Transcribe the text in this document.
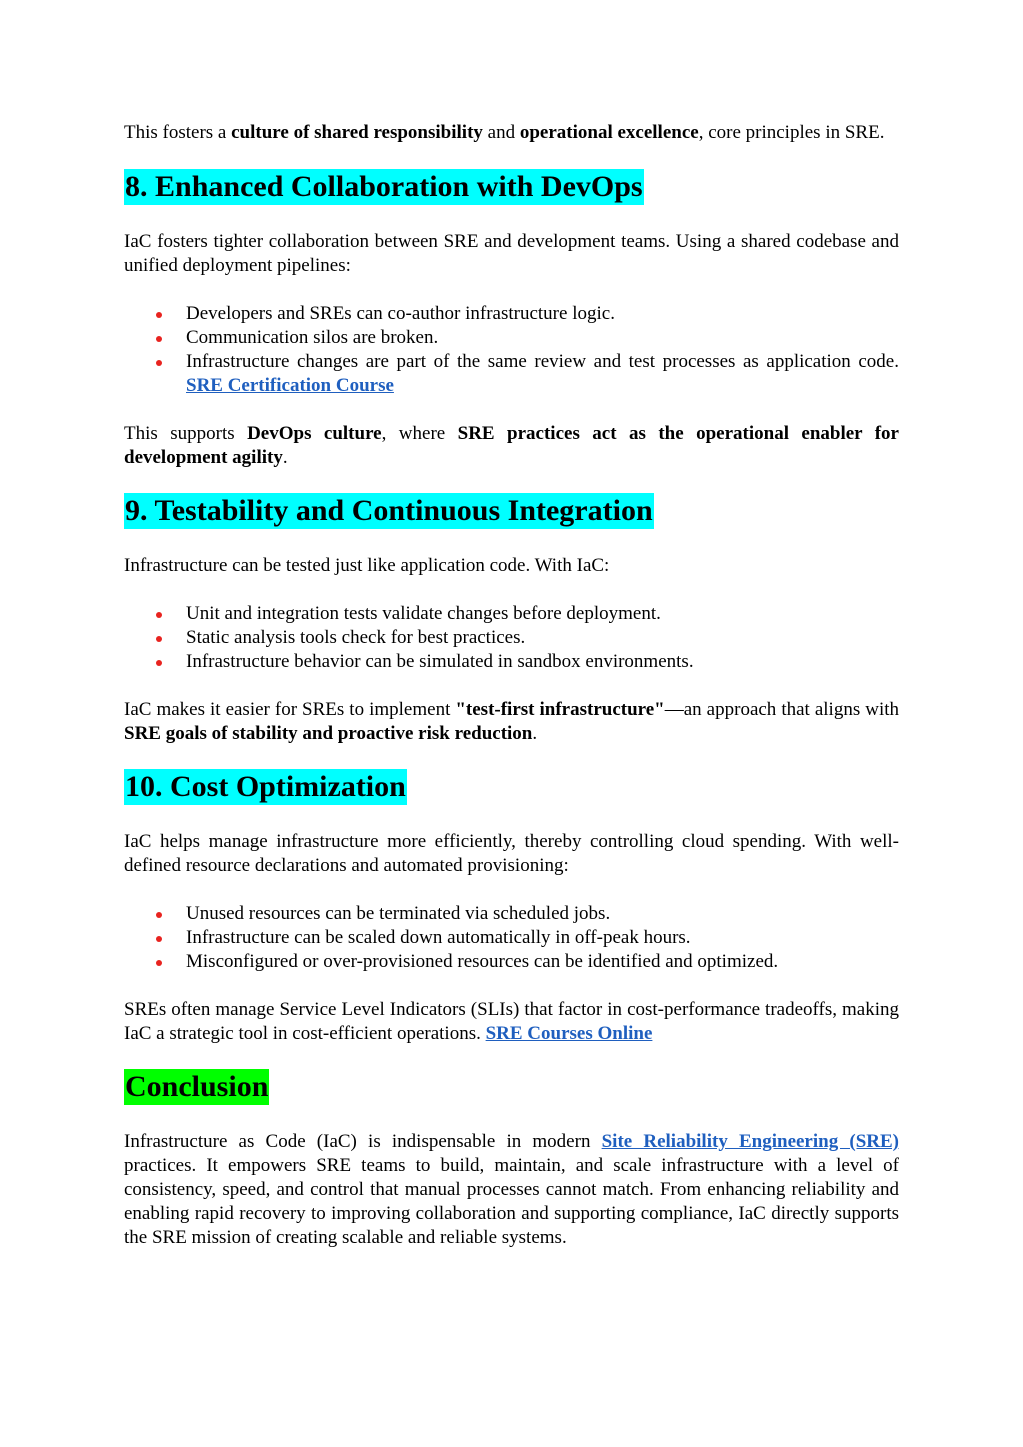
This fosters a culture of shared responsibility and operational excellence, core principles in SRE.

8. Enhanced Collaboration with DevOps

IaC fosters tighter collaboration between SRE and development teams. Using a shared codebase and unified deployment pipelines:

Developers and SREs can co-author infrastructure logic.
Communication silos are broken.
Infrastructure changes are part of the same review and test processes as application code. SRE Certification Course

This supports DevOps culture, where SRE practices act as the operational enabler for development agility.

9. Testability and Continuous Integration

Infrastructure can be tested just like application code. With IaC:

Unit and integration tests validate changes before deployment.
Static analysis tools check for best practices.
Infrastructure behavior can be simulated in sandbox environments.

IaC makes it easier for SREs to implement "test-first infrastructure"—an approach that aligns with SRE goals of stability and proactive risk reduction.

10. Cost Optimization

IaC helps manage infrastructure more efficiently, thereby controlling cloud spending. With well-defined resource declarations and automated provisioning:

Unused resources can be terminated via scheduled jobs.
Infrastructure can be scaled down automatically in off-peak hours.
Misconfigured or over-provisioned resources can be identified and optimized.

SREs often manage Service Level Indicators (SLIs) that factor in cost-performance tradeoffs, making IaC a strategic tool in cost-efficient operations. SRE Courses Online

Conclusion

Infrastructure as Code (IaC) is indispensable in modern Site Reliability Engineering (SRE) practices. It empowers SRE teams to build, maintain, and scale infrastructure with a level of consistency, speed, and control that manual processes cannot match. From enhancing reliability and enabling rapid recovery to improving collaboration and supporting compliance, IaC directly supports the SRE mission of creating scalable and reliable systems.
